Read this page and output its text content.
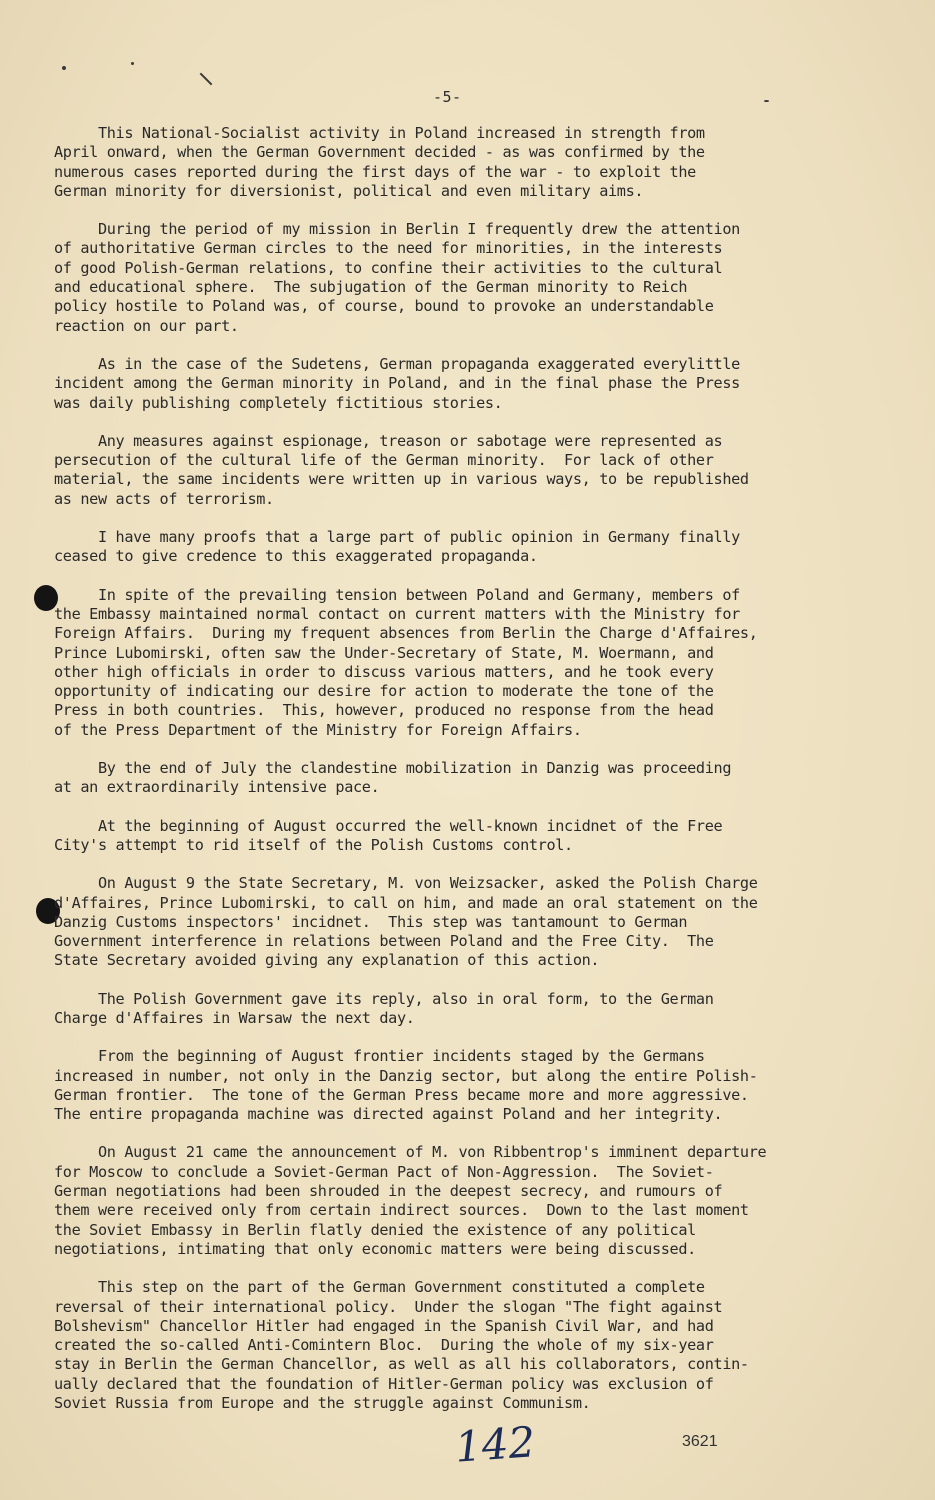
-5-

This National-Socialist activity in Poland increased in strength from
April onward, when the German Government decided - as was confirmed by the
numerous cases reported during the first days of the war - to exploit the
German minority for diversionist, political and even military aims.

During the period of my mission in Berlin I frequently drew the attention
of authoritative German circles to the need for minorities, in the interests
of good Polish-German relations, to confine their activities to the cultural
and educational sphere.  The subjugation of the German minority to Reich
policy hostile to Poland was, of course, bound to provoke an understandable
reaction on our part.

As in the case of the Sudetens, German propaganda exaggerated everylittle
incident among the German minority in Poland, and in the final phase the Press
was daily publishing completely fictitious stories.

Any measures against espionage, treason or sabotage were represented as
persecution of the cultural life of the German minority.  For lack of other
material, the same incidents were written up in various ways, to be republished
as new acts of terrorism.

I have many proofs that a large part of public opinion in Germany finally
ceased to give credence to this exaggerated propaganda.

In spite of the prevailing tension between Poland and Germany, members of
the Embassy maintained normal contact on current matters with the Ministry for
Foreign Affairs.  During my frequent absences from Berlin the Charge d'Affaires,
Prince Lubomirski, often saw the Under-Secretary of State, M. Woermann, and
other high officials in order to discuss various matters, and he took every
opportunity of indicating our desire for action to moderate the tone of the
Press in both countries.  This, however, produced no response from the head
of the Press Department of the Ministry for Foreign Affairs.

By the end of July the clandestine mobilization in Danzig was proceeding
at an extraordinarily intensive pace.

At the beginning of August occurred the well-known incidnet of the Free
City's attempt to rid itself of the Polish Customs control.

On August 9 the State Secretary, M. von Weizsacker, asked the Polish Charge
d'Affaires, Prince Lubomirski, to call on him, and made an oral statement on the
Danzig Customs inspectors' incidnet.  This step was tantamount to German
Government interference in relations between Poland and the Free City.  The
State Secretary avoided giving any explanation of this action.

The Polish Government gave its reply, also in oral form, to the German
Charge d'Affaires in Warsaw the next day.

From the beginning of August frontier incidents staged by the Germans
increased in number, not only in the Danzig sector, but along the entire Polish-
German frontier.  The tone of the German Press became more and more aggressive.
The entire propaganda machine was directed against Poland and her integrity.

On August 21 came the announcement of M. von Ribbentrop's imminent departure
for Moscow to conclude a Soviet-German Pact of Non-Aggression.  The Soviet-
German negotiations had been shrouded in the deepest secrecy, and rumours of
them were received only from certain indirect sources.  Down to the last moment
the Soviet Embassy in Berlin flatly denied the existence of any political
negotiations, intimating that only economic matters were being discussed.

This step on the part of the German Government constituted a complete
reversal of their international policy.  Under the slogan "The fight against
Bolshevism" Chancellor Hitler had engaged in the Spanish Civil War, and had
created the so-called Anti-Comintern Bloc.  During the whole of my six-year
stay in Berlin the German Chancellor, as well as all his collaborators, contin-
ually declared that the foundation of Hitler-German policy was exclusion of
Soviet Russia from Europe and the struggle against Communism.

142	3621
